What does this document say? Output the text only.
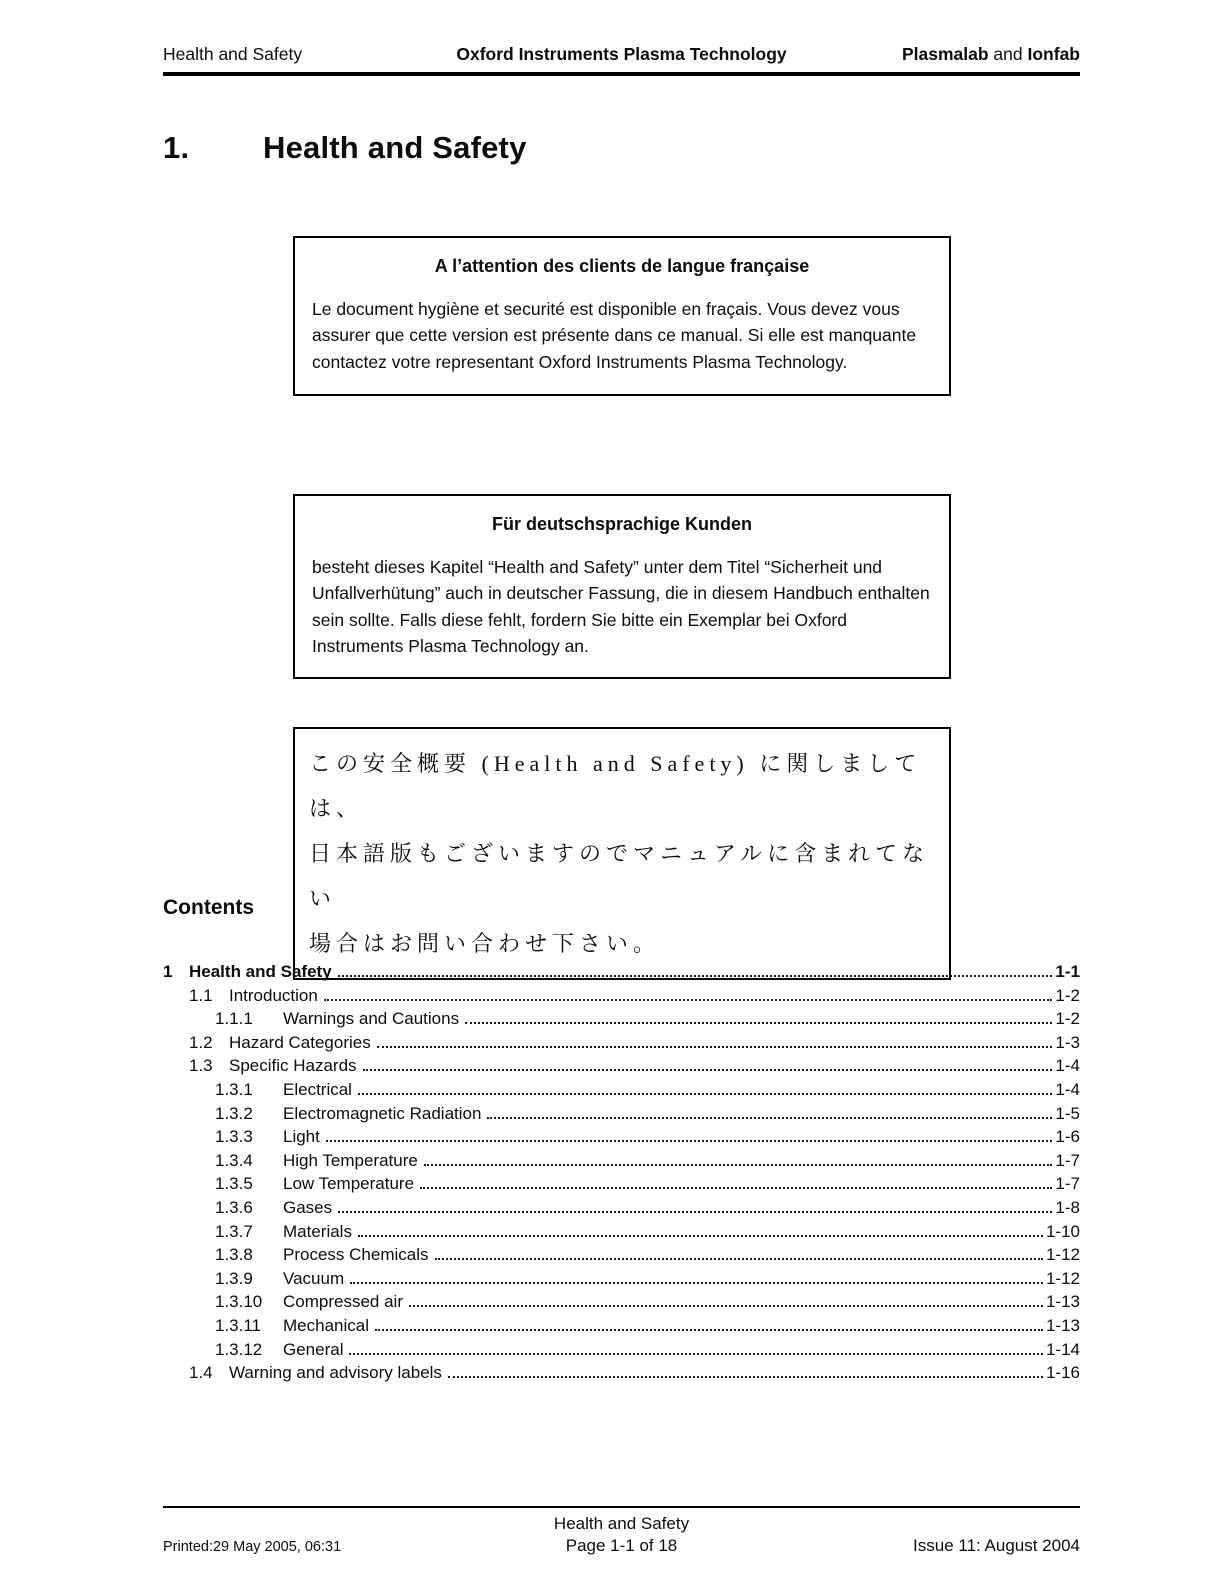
Health and Safety	Oxford Instruments Plasma Technology	Plasmalab and Ionfab
1.	Health and Safety
A l’attention des clients de langue française
Le document hygiène et securité est disponible en fraçais. Vous devez vous assurer que cette version est présente dans ce manual. Si elle est manquante contactez votre representant Oxford Instruments Plasma Technology.
Für deutschsprachige Kunden
besteht dieses Kapitel “Health and Safety” unter dem Titel “Sicherheit und Unfallverhütung” auch in deutscher Fassung, die in diesem Handbuch enthalten sein sollte. Falls diese fehlt, fordern Sie bitte ein Exemplar bei Oxford Instruments Plasma Technology an.
この安全概要 (Health and Safety) に関しましては、
日本語版もございますのでマニュアルに含まれてない
場合はお問い合わせ下さい。
Contents
1 Health and Safety	1-1
1.1 Introduction	1-2
1.1.1	Warnings and Cautions	1-2
1.2 Hazard Categories	1-3
1.3 Specific Hazards	1-4
1.3.1	Electrical	1-4
1.3.2	Electromagnetic Radiation	1-5
1.3.3	Light	1-6
1.3.4	High Temperature	1-7
1.3.5	Low Temperature	1-7
1.3.6	Gases	1-8
1.3.7	Materials	1-10
1.3.8	Process Chemicals	1-12
1.3.9	Vacuum	1-12
1.3.10	Compressed air	1-13
1.3.11	Mechanical	1-13
1.3.12	General	1-14
1.4 Warning and advisory labels	1-16
Health and Safety
Printed:29 May 2005, 06:31	Page 1-1 of 18	Issue 11: August 2004
